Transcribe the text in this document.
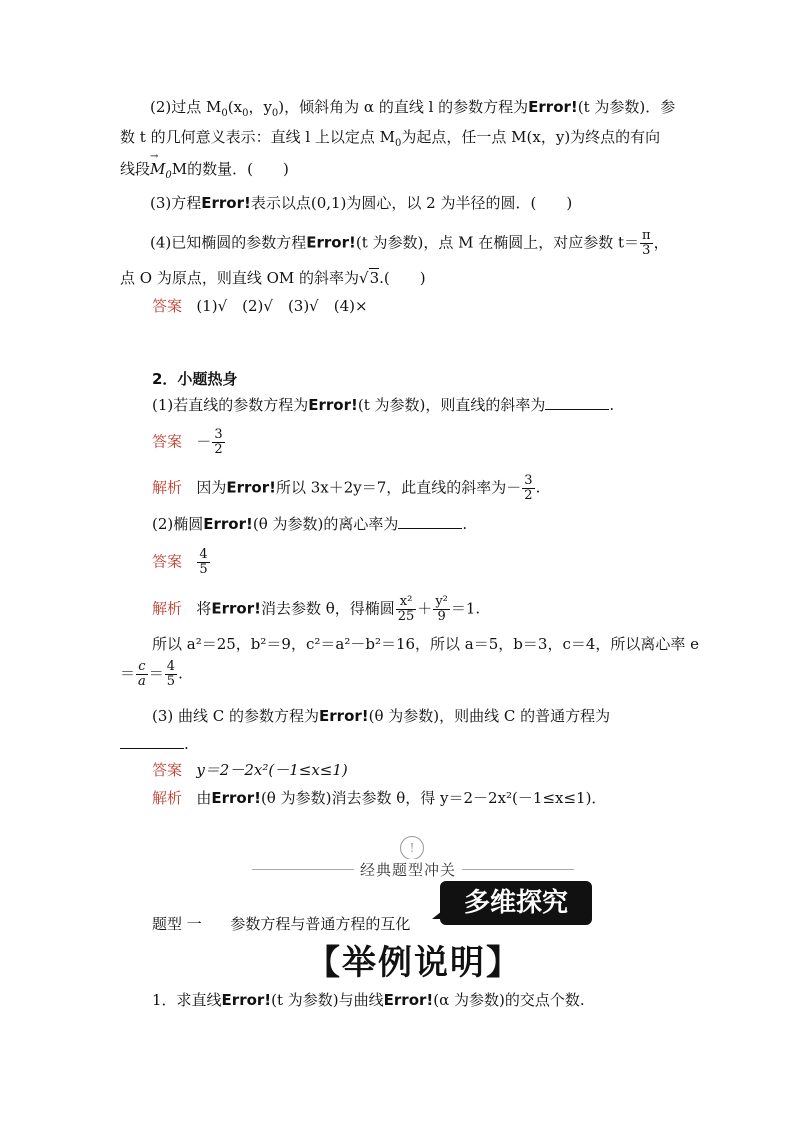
(2)过点 $M_0(x_0$，$y_0$)，倾斜角为 α 的直线 l 的参数方程为Error!(t 为参数)．参
数 t 的几何意义表示：直线 l 上以定点 $M_0$为起点，任一点 M(x，y)为终点的有向
线段
→
$M_0M$的数量．(　　)
(3)方程Error!表示以点(0,1)为圆心，以 2 为半径的圆．(　　)
(4)已知椭圆的参数方程Error!(t 为参数)，点 M 在椭圆上，对应参数 $t= \frac{\pi}{3}$ ，
点 O 为原点，则直线 OM 的斜率为√3.(　　)
答案 (1)√　(2)√　(3)√　(4)×
2．小题热身
(1)若直线的参数方程为Error!(t 为参数)，则直线的斜率为	.
答案 － $\frac{3}{2}$
解析 因为Error!所以 3x＋2y＝7，此直线的斜率为－ $\frac{3}{2}$ .
(2)椭圆Error!(θ 为参数)的离心率为	.
答案 $\frac{4}{5}$
解析 将Error!消去参数 θ，得椭圆 $\frac{\text{x²}}{25} + \frac{\text{y²}}{9} =1$.
所以 a²＝25，b²＝9，c²＝a²－b²＝16，所以 a＝5，b＝3，c＝4，所以离心率 e
＝ $\frac{c}{a} = \frac{4}{5}$ .
(3) 曲线 C 的参数方程为Error!(θ 为参数)，则曲线 C 的普通方程为
.
答案 y＝2－2x²(－1≤x≤1)
解析 由Error!(θ 为参数)消去参数 θ，得 y＝2－2x²(－1≤x≤1)．
!
经典题型冲关
题型 一 参数方程与普通方程的互化
多维探究
【举例说明】
1．求直线Error!(t 为参数)与曲线Error!(α 为参数)的交点个数.
